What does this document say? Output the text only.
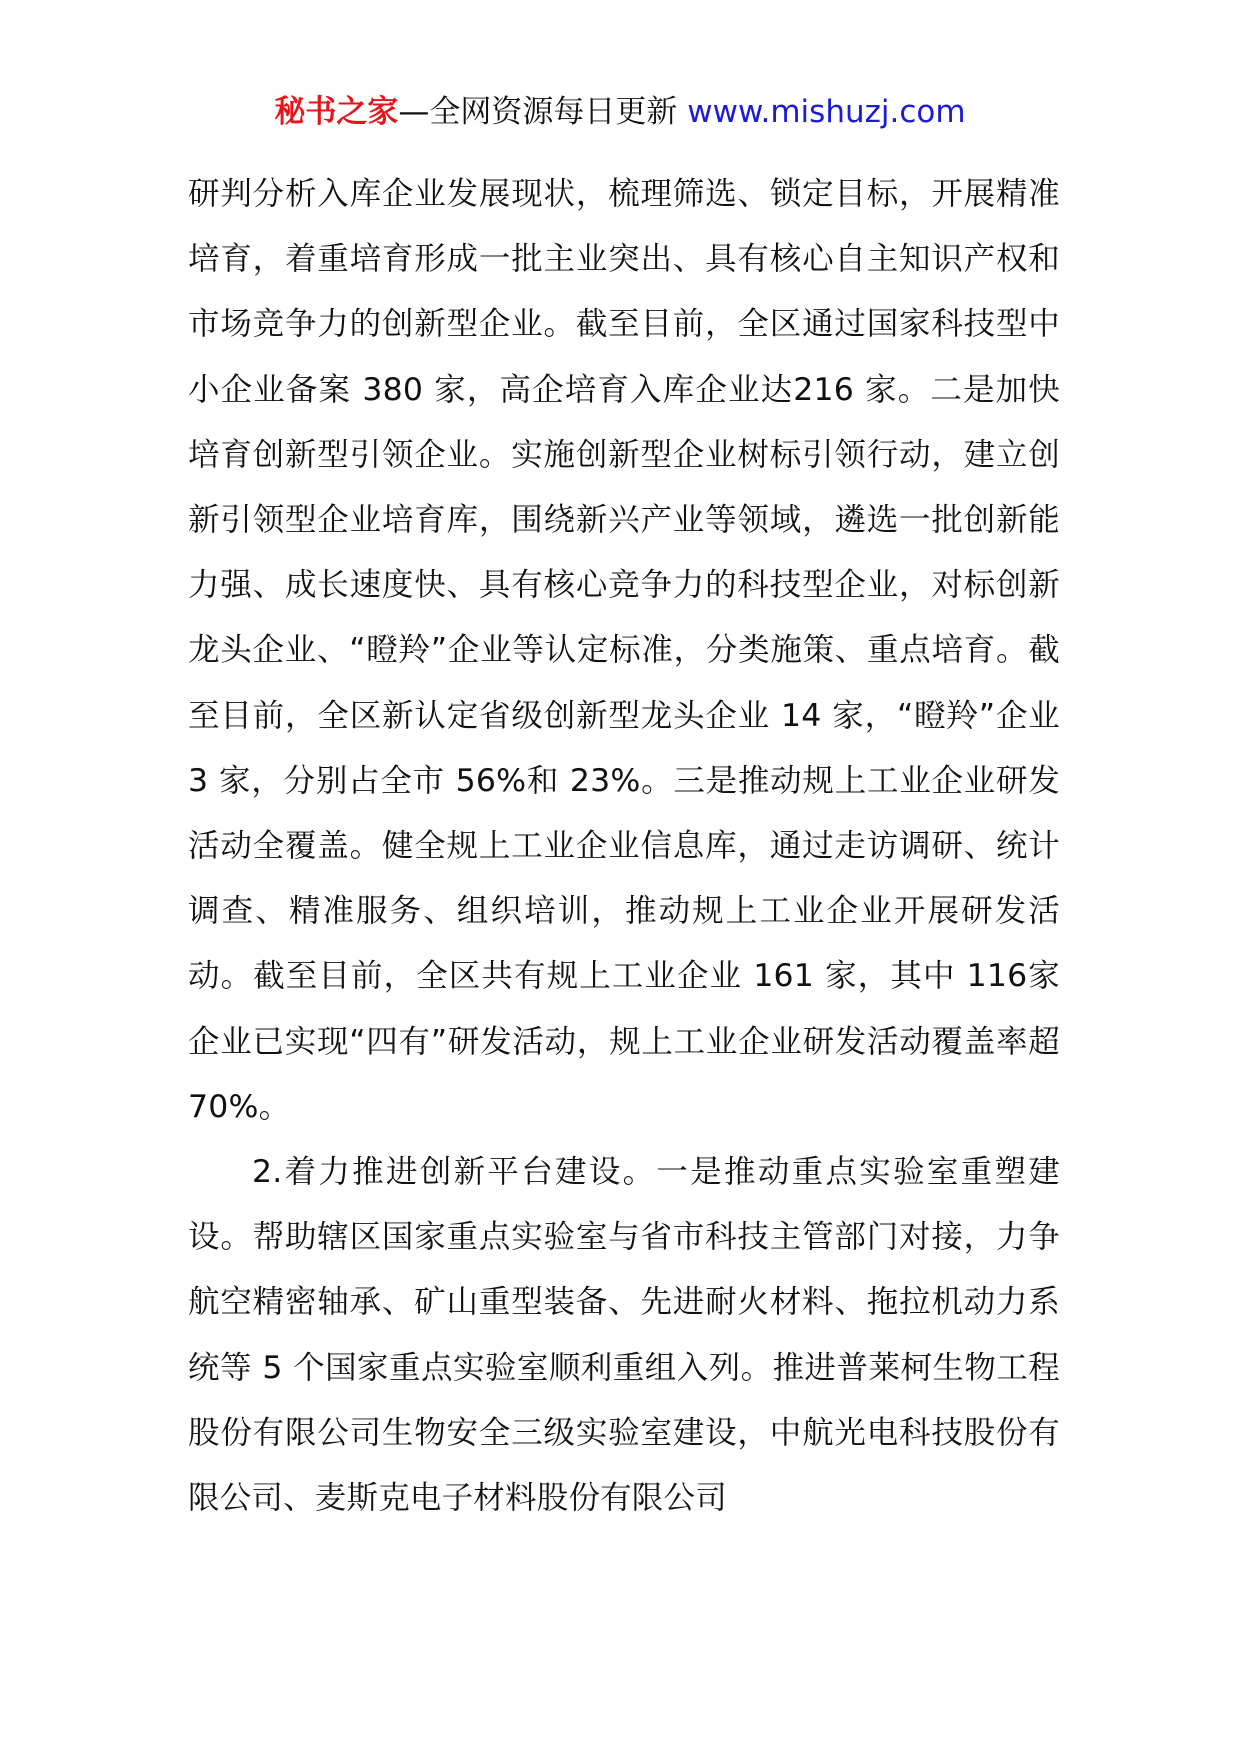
秘书之家—全网资源每日更新 www.mishuzj.com

研判分析入库企业发展现状，梳理筛选、锁定目标，开展精准培育，着重培育形成一批主业突出、具有核心自主知识产权和市场竞争力的创新型企业。截至目前，全区通过国家科技型中小企业备案 380 家，高企培育入库企业达216 家。二是加快培育创新型引领企业。实施创新型企业树标引领行动，建立创新引领型企业培育库，围绕新兴产业等领域，遴选一批创新能力强、成长速度快、具有核心竞争力的科技型企业，对标创新龙头企业、“瞪羚”企业等认定标准，分类施策、重点培育。截至目前，全区新认定省级创新型龙头企业 14 家，“瞪羚”企业 3 家，分别占全市 56%和 23%。三是推动规上工业企业研发活动全覆盖。健全规上工业企业信息库，通过走访调研、统计调查、精准服务、组织培训，推动规上工业企业开展研发活动。截至目前，全区共有规上工业企业 161 家，其中 116家企业已实现“四有”研发活动，规上工业企业研发活动覆盖率超 70%。

2.着力推进创新平台建设。一是推动重点实验室重塑建设。帮助辖区国家重点实验室与省市科技主管部门对接，力争航空精密轴承、矿山重型装备、先进耐火材料、拖拉机动力系统等 5 个国家重点实验室顺利重组入列。推进普莱柯生物工程股份有限公司生物安全三级实验室建设，中航光电科技股份有限公司、麦斯克电子材料股份有限公司
